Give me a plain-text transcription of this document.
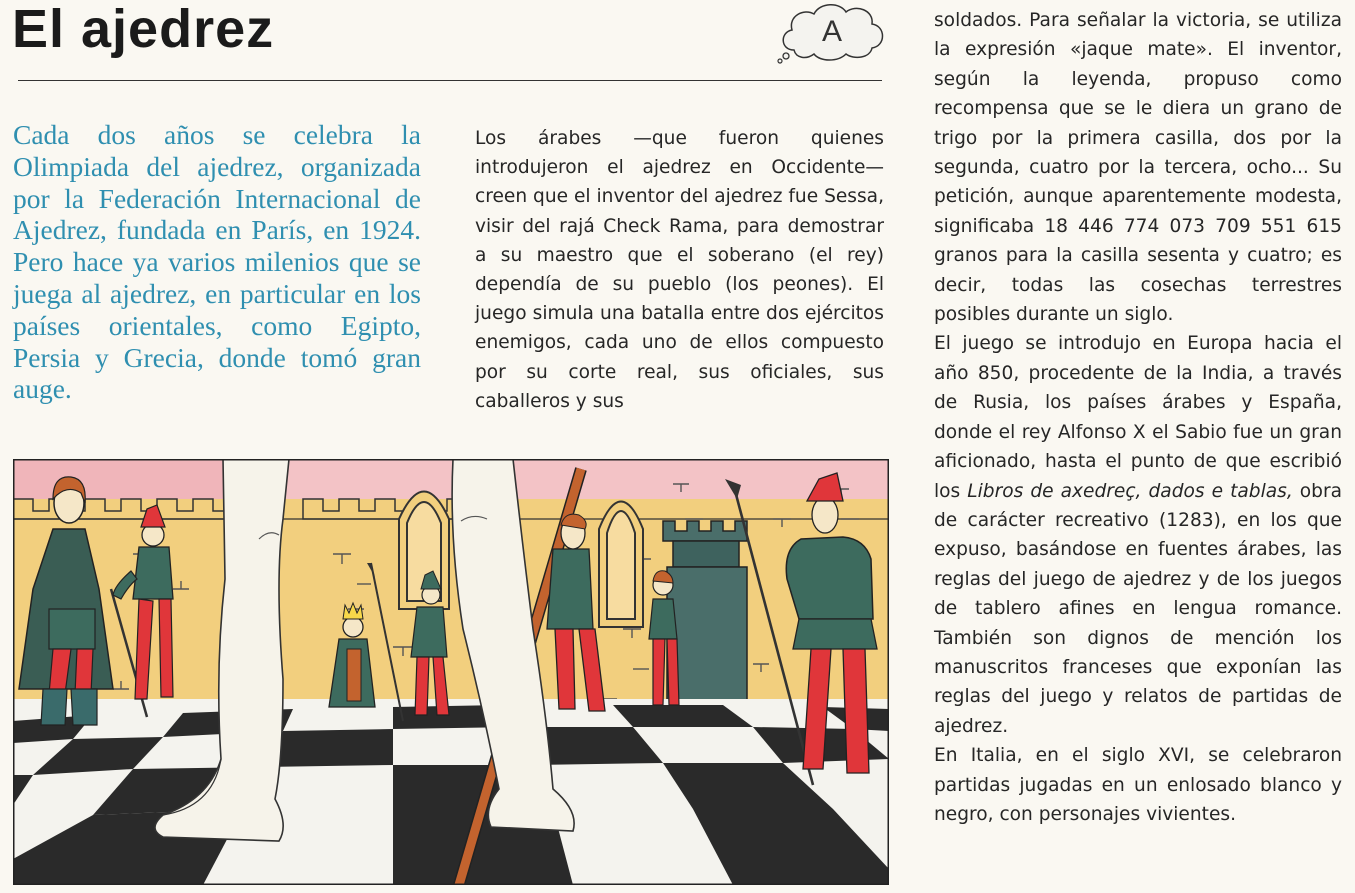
El ajedrez	A

Cada dos años se celebra la Olimpiada del ajedrez, organizada por la Federación Internacional de Ajedrez, fundada en París, en 1924. Pero hace ya varios milenios que se juega al ajedrez, en particular en los países orientales, como Egipto, Persia y Grecia, donde tomó gran auge.

Los árabes —que fueron quienes introdujeron el ajedrez en Occidente— creen que el inventor del ajedrez fue Sessa, visir del rajá Check Rama, para demostrar a su maestro que el soberano (el rey) dependía de su pueblo (los peones). El juego simula una batalla entre dos ejércitos enemigos, cada uno de ellos compuesto por su corte real, sus oficiales, sus caballeros y sus

soldados. Para señalar la victoria, se utiliza la expresión «jaque mate». El inventor, según la leyenda, propuso como recompensa que se le diera un grano de trigo por la primera casilla, dos por la segunda, cuatro por la tercera, ocho... Su petición, aunque aparentemente modesta, significaba 18 446 774 073 709 551 615 granos para la casilla sesenta y cuatro; es decir, todas las cosechas terrestres posibles durante un siglo.

El juego se introdujo en Europa hacia el año 850, procedente de la India, a través de Rusia, los países árabes y España, donde el rey Alfonso X el Sabio fue un gran aficionado, hasta el punto de que escribió los Libros de axedreç, dados e tablas, obra de carácter recreativo (1283), en los que expuso, basándose en fuentes árabes, las reglas del juego de ajedrez y de los juegos de tablero afines en lengua romance. También son dignos de mención los manuscritos franceses que exponían las reglas del juego y relatos de partidas de ajedrez.

En Italia, en el siglo XVI, se celebraron partidas jugadas en un enlosado blanco y negro, con personajes vivientes.
